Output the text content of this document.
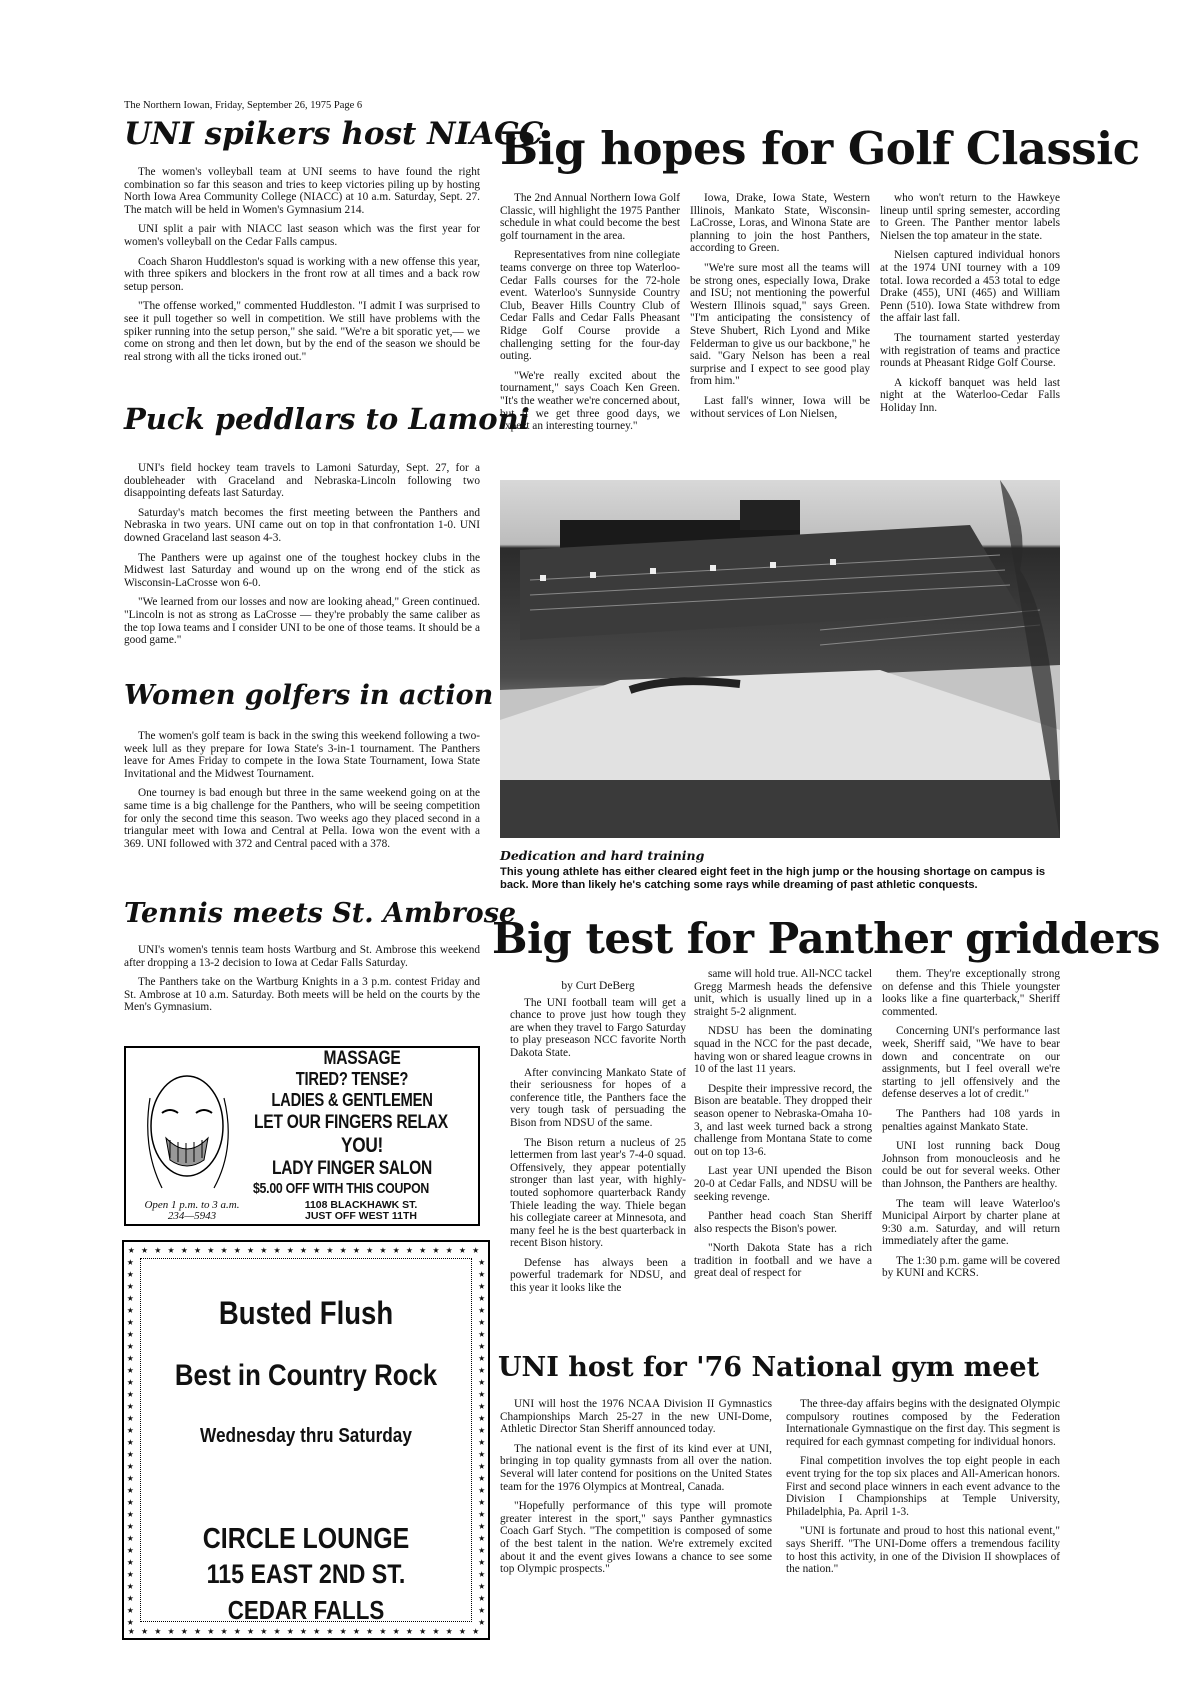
The Northern Iowan, Friday, September 26, 1975 Page 6
UNI spikers host NIACC

The women's volleyball team at UNI seems to have found the right combination so far this season and tries to keep victories piling up by hosting North Iowa Area Community College (NIACC) at 10 a.m. Saturday, Sept. 27. The match will be held in Women's Gymnasium 214.

UNI split a pair with NIACC last season which was the first year for women's volleyball on the Cedar Falls campus.

Coach Sharon Huddleston's squad is working with a new offense this year, with three spikers and blockers in the front row at all times and a back row setup person.

"The offense worked," commented Huddleston. "I admit I was surprised to see it pull together so well in competition. We still have problems with the spiker running into the setup person," she said. "We're a bit sporatic yet,— we come on strong and then let down, but by the end of the season we should be real strong with all the ticks ironed out."

Puck peddlars to Lamoni

UNI's field hockey team travels to Lamoni Saturday, Sept. 27, for a doubleheader with Graceland and Nebraska-Lincoln following two disappointing defeats last Saturday.

Saturday's match becomes the first meeting between the Panthers and Nebraska in two years. UNI came out on top in that confrontation 1-0. UNI downed Graceland last season 4-3.

The Panthers were up against one of the toughest hockey clubs in the Midwest last Saturday and wound up on the wrong end of the stick as Wisconsin-LaCrosse won 6-0.

"We learned from our losses and now are looking ahead," Green continued. "Lincoln is not as strong as LaCrosse — they're probably the same caliber as the top Iowa teams and I consider UNI to be one of those teams. It should be a good game."

Women golfers in action

The women's golf team is back in the swing this weekend following a two-week lull as they prepare for Iowa State's 3-in-1 tournament. The Panthers leave for Ames Friday to compete in the Iowa State Tournament, Iowa State Invitational and the Midwest Tournament.

One tourney is bad enough but three in the same weekend going on at the same time is a big challenge for the Panthers, who will be seeing competition for only the second time this season. Two weeks ago they placed second in a triangular meet with Iowa and Central at Pella. Iowa won the event with a 369. UNI followed with 372 and Central paced with a 378.

Tennis meets St. Ambrose

UNI's women's tennis team hosts Wartburg and St. Ambrose this weekend after dropping a 13-2 decision to Iowa at Cedar Falls Saturday.

The Panthers take on the Wartburg Knights in a 3 p.m. contest Friday and St. Ambrose at 10 a.m. Saturday. Both meets will be held on the courts by the Men's Gymnasium.

MASSAGE
TIRED? TENSE?
LADIES & GENTLEMEN
LET OUR FINGERS RELAX
YOU!
LADY FINGER SALON
$5.00 OFF WITH THIS COUPON
Open 1 p.m. to 3 a.m.
234—5943
1108 BLACKHAWK ST.
JUST OFF WEST 11TH
★ ★ ★ ★ ★ ★ ★ ★ ★ ★ ★ ★ ★ ★ ★ ★ ★ ★ ★ ★ ★ ★ ★ ★ ★ ★ ★
★ ★ ★ ★ ★ ★ ★ ★ ★ ★ ★ ★ ★ ★ ★ ★ ★ ★ ★ ★ ★ ★ ★ ★ ★ ★ ★
★
★
★
★
★
★
★
★
★
★
★
★
★
★
★
★
★
★
★
★
★
★
★
★
★
★
★
★
★
★
★
★
★
★
★
★
★
★
★
★
★
★
★
★
★
★
★
★
★
★
★
★
★
★
★
★
★
★
★
★
★
★
Busted Flush
Best in Country Rock
Wednesday thru Saturday
CIRCLE LOUNGE
115 EAST 2ND ST.
CEDAR FALLS
Big hopes for Golf Classic

The 2nd Annual Northern Iowa Golf Classic, will highlight the 1975 Panther schedule in what could become the best golf tournament in the area.

Representatives from nine collegiate teams converge on three top Waterloo-Cedar Falls courses for the 72-hole event. Waterloo's Sunnyside Country Club, Beaver Hills Country Club of Cedar Falls and Cedar Falls Pheasant Ridge Golf Course provide a challenging setting for the four-day outing.

"We're really excited about the tournament," says Coach Ken Green. "It's the weather we're concerned about, but if we get three good days, we expect an interesting tourney."

Iowa, Drake, Iowa State, Western Illinois, Mankato State, Wisconsin-LaCrosse, Loras, and Winona State are planning to join the host Panthers, according to Green.

"We're sure most all the teams will be strong ones, especially Iowa, Drake and ISU; not mentioning the powerful Western Illinois squad," says Green. "I'm anticipating the consistency of Steve Shubert, Rich Lyond and Mike Felderman to give us our backbone," he said. "Gary Nelson has been a real surprise and I expect to see good play from him."

Last fall's winner, Iowa will be without services of Lon Nielsen,

who won't return to the Hawkeye lineup until spring semester, according to Green. The Panther mentor labels Nielsen the top amateur in the state.

Nielsen captured individual honors at the 1974 UNI tourney with a 109 total. Iowa recorded a 453 total to edge Drake (455), UNI (465) and William Penn (510). Iowa State withdrew from the affair last fall.

The tournament started yesterday with registration of teams and practice rounds at Pheasant Ridge Golf Course.

A kickoff banquet was held last night at the Waterloo-Cedar Falls Holiday Inn.

Dedication and hard training
This young athlete has either cleared eight feet in the high jump or the housing shortage on campus is back. More than likely he's catching some rays while dreaming of past athletic conquests.
Big test for Panther gridders
by Curt DeBerg

The UNI football team will get a chance to prove just how tough they are when they travel to Fargo Saturday to play preseason NCC favorite North Dakota State.

After convincing Mankato State of their seriousness for hopes of a conference title, the Panthers face the very tough task of persuading the Bison from NDSU of the same.

The Bison return a nucleus of 25 lettermen from last year's 7-4-0 squad. Offensively, they appear potentially stronger than last year, with highly-touted sophomore quarterback Randy Thiele leading the way. Thiele began his collegiate career at Minnesota, and many feel he is the best quarterback in recent Bison history.

Defense has always been a powerful trademark for NDSU, and this year it looks like the

same will hold true. All-NCC tackel Gregg Marmesh heads the defensive unit, which is usually lined up in a straight 5-2 alignment.

NDSU has been the dominating squad in the NCC for the past decade, having won or shared league crowns in 10 of the last 11 years.

Despite their impressive record, the Bison are beatable. They dropped their season opener to Nebraska-Omaha 10-3, and last week turned back a strong challenge from Montana State to come out on top 13-6.

Last year UNI upended the Bison 20-0 at Cedar Falls, and NDSU will be seeking revenge.

Panther head coach Stan Sheriff also respects the Bison's power.

"North Dakota State has a rich tradition in football and we have a great deal of respect for

them. They're exceptionally strong on defense and this Thiele youngster looks like a fine quarterback," Sheriff commented.

Concerning UNI's performance last week, Sheriff said, "We have to bear down and concentrate on our assignments, but I feel overall we're starting to jell offensively and the defense deserves a lot of credit."

The Panthers had 108 yards in penalties against Mankato State.

UNI lost running back Doug Johnson from monoucleosis and he could be out for several weeks. Other than Johnson, the Panthers are healthy.

The team will leave Waterloo's Municipal Airport by charter plane at 9:30 a.m. Saturday, and will return immediately after the game.

The 1:30 p.m. game will be covered by KUNI and KCRS.

UNI host for '76 National gym meet

UNI will host the 1976 NCAA Division II Gymnastics Championships March 25-27 in the new UNI-Dome, Athletic Director Stan Sheriff announced today.

The national event is the first of its kind ever at UNI, bringing in top quality gymnasts from all over the nation. Several will later contend for positions on the United States team for the 1976 Olympics at Montreal, Canada.

"Hopefully performance of this type will promote greater interest in the sport," says Panther gymnastics Coach Garf Stych. "The competition is composed of some of the best talent in the nation. We're extremely excited about it and the event gives Iowans a chance to see some top Olympic prospects."

The three-day affairs begins with the designated Olympic compulsory routines composed by the Federation Internationale Gymnastique on the first day. This segment is required for each gymnast competing for individual honors.

Final competition involves the top eight people in each event trying for the top six places and All-American honors. First and second place winners in each event advance to the Division I Championships at Temple University, Philadelphia, Pa. April 1-3.

"UNI is fortunate and proud to host this national event," says Sheriff. "The UNI-Dome offers a tremendous facility to host this activity, in one of the Division II showplaces of the nation."
